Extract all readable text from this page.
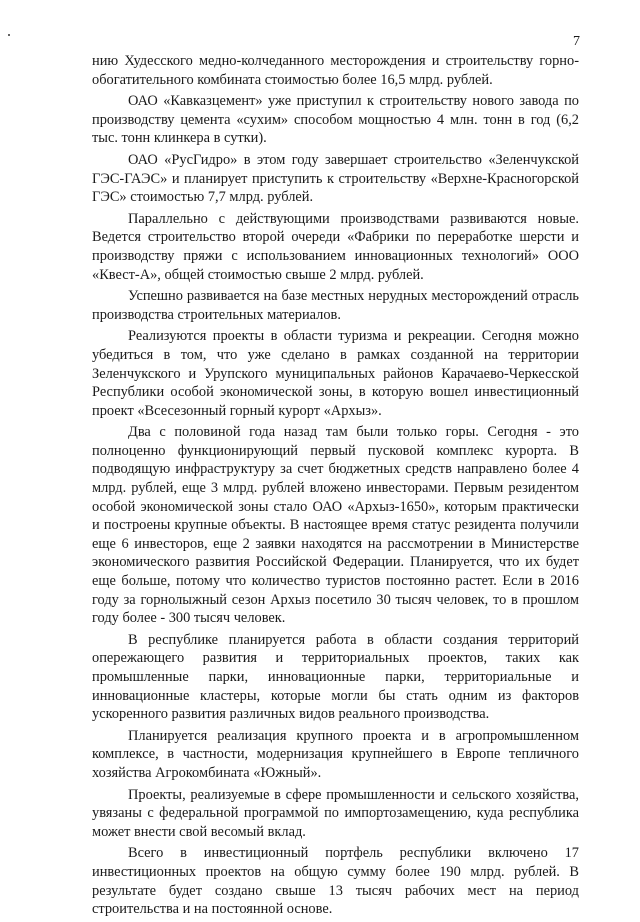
7

нию Худесского медно-колчеданного месторождения и строительству горно-обогатительного комбината стоимостью более 16,5 млрд. рублей.

ОАО «Кавказцемент» уже приступил к строительству нового завода по производству цемента «сухим» способом мощностью 4 млн. тонн в год (6,2 тыс. тонн клинкера в сутки).

ОАО «РусГидро» в этом году завершает строительство «Зеленчукской ГЭС-ГАЭС» и планирует приступить к строительству «Верхне-Красногорской ГЭС» стоимостью 7,7 млрд. рублей.

Параллельно с действующими производствами развиваются новые. Ведется строительство второй очереди «Фабрики по переработке шерсти и производству пряжи с использованием инновационных технологий» ООО «Квест-А», общей стоимостью свыше 2 млрд. рублей.

Успешно развивается на базе местных нерудных месторождений отрасль производства строительных материалов.

Реализуются проекты в области туризма и рекреации. Сегодня можно убедиться в том, что уже сделано в рамках созданной на территории Зеленчукского и Урупского муниципальных районов Карачаево-Черкесской Республики особой экономической зоны, в которую вошел инвестиционный проект «Всесезонный горный курорт «Архыз».

Два с половиной года назад там были только горы. Сегодня - это полноценно функционирующий первый пусковой комплекс курорта. В подводящую инфраструктуру за счет бюджетных средств направлено более 4 млрд. рублей, еще 3 млрд. рублей вложено инвесторами. Первым резидентом особой экономической зоны стало ОАО «Архыз-1650», которым практически и построены крупные объекты. В настоящее время статус резидента получили еще 6 инвесторов, еще 2 заявки находятся на рассмотрении в Министерстве экономического развития Российской Федерации. Планируется, что их будет еще больше, потому что количество туристов постоянно растет. Если в 2016 году за горнолыжный сезон Архыз посетило 30 тысяч человек, то в прошлом году более - 300 тысяч человек.

В республике планируется работа в области создания территорий опережающего развития и территориальных проектов, таких как промышленные парки, инновационные парки, территориальные и инновационные кластеры, которые могли бы стать одним из факторов ускоренного развития различных видов реального производства.

Планируется реализация крупного проекта и в агропромышленном комплексе, в частности, модернизация крупнейшего в Европе тепличного хозяйства Агрокомбината «Южный».

Проекты, реализуемые в сфере промышленности и сельского хозяйства, увязаны с федеральной программой по импортозамещению, куда республика может внести свой весомый вклад.

Всего в инвестиционный портфель республики включено 17 инвестиционных проектов на общую сумму более 190 млрд. рублей. В результате будет создано свыше 13 тысяч рабочих мест на период строительства и на постоянной основе.
